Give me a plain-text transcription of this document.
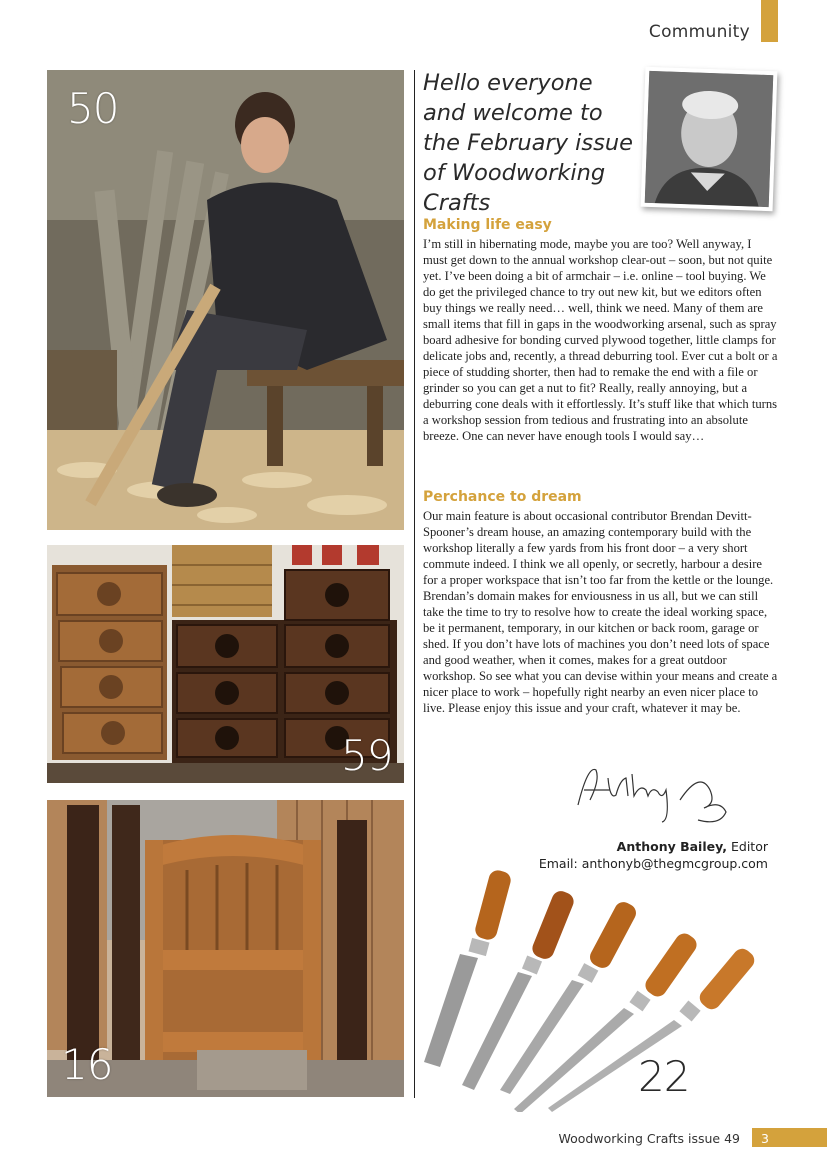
Community
50
59
16
Hello everyone and welcome to the February issue of Woodworking Crafts
Making life easy
I’m still in hibernating mode, maybe you are too? Well anyway, I must get down to the annual workshop clear-out – soon, but not quite yet. I’ve been doing a bit of armchair – i.e. online – tool buying. We do get the privileged chance to try out new kit, but we editors often buy things we really need… well, think we need. Many of them are small items that fill in gaps in the woodworking arsenal, such as spray board adhesive for bonding curved plywood together, little clamps for delicate jobs and, recently, a thread deburring tool. Ever cut a bolt or a piece of studding shorter, then had to remake the end with a file or grinder so you can get a nut to fit? Really, really annoying, but a deburring cone deals with it effortlessly. It’s stuff like that which turns a workshop session from tedious and frustrating into an absolute breeze. One can never have enough tools I would say…
Perchance to dream
Our main feature is about occasional contributor Brendan Devitt-Spooner’s dream house, an amazing contemporary build with the workshop literally a few yards from his front door – a very short commute indeed. I think we all openly, or secretly, harbour a desire for a proper workspace that isn’t too far from the kettle or the lounge. Brendan’s domain makes for enviousness in us all, but we can still take the time to try to resolve how to create the ideal working space, be it permanent, temporary, in our kitchen or back room, garage or shed. If you don’t have lots of machines you don’t need lots of space and good weather, when it comes, makes for a great outdoor workshop. So see what you can devise within your means and create a nicer place to work – hopefully right nearby an even nicer place to live. Please enjoy this issue and your craft, whatever it may be.
Anthony Bailey, Editor
Email: anthonyb@thegmcgroup.com
22
Woodworking Crafts issue 49 3
